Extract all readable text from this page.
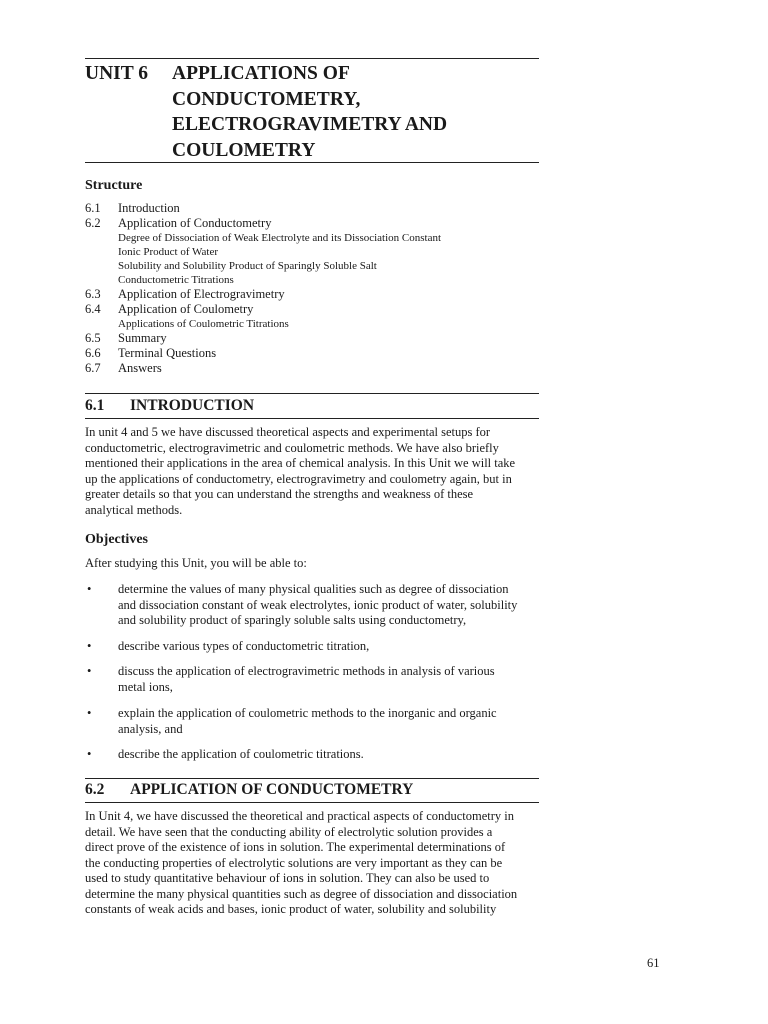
UNIT 6 APPLICATIONS OF
CONDUCTOMETRY,
ELECTROGRAVIMETRY AND
COULOMETRY
Structure
6.1 Introduction
6.2 Application of Conductometry
Degree of Dissociation of Weak Electrolyte and its Dissociation Constant
Ionic Product of Water
Solubility and Solubility Product of Sparingly Soluble Salt
Conductometric Titrations
6.3 Application of Electrogravimetry
6.4 Application of Coulometry
Applications of Coulometric Titrations
6.5 Summary
6.6 Terminal Questions
6.7 Answers
6.1 INTRODUCTION
In unit 4 and 5 we have discussed theoretical aspects and experimental setups for
conductometric, electrogravimetric and coulometric methods. We have also briefly
mentioned their applications in the area of chemical analysis. In this Unit we will take
up the applications of conductometry, electrogravimetry and coulometry again, but in
greater details so that you can understand the strengths and weakness of these
analytical methods.
Objectives
After studying this Unit, you will be able to:
• determine the values of many physical qualities such as degree of dissociation
and dissociation constant of weak electrolytes, ionic product of water, solubility
and solubility product of sparingly soluble salts using conductometry,
• describe various types of conductometric titration,
• discuss the application of electrogravimetric methods in analysis of various
metal ions,
• explain the application of coulometric methods to the inorganic and organic
analysis, and
• describe the application of coulometric titrations.
6.2 APPLICATION OF CONDUCTOMETRY
In Unit 4, we have discussed the theoretical and practical aspects of conductometry in
detail. We have seen that the conducting ability of electrolytic solution provides a
direct prove of the existence of ions in solution. The experimental determinations of
the conducting properties of electrolytic solutions are very important as they can be
used to study quantitative behaviour of ions in solution. They can also be used to
determine the many physical quantities such as degree of dissociation and dissociation
constants of weak acids and bases, ionic product of water, solubility and solubility
61
